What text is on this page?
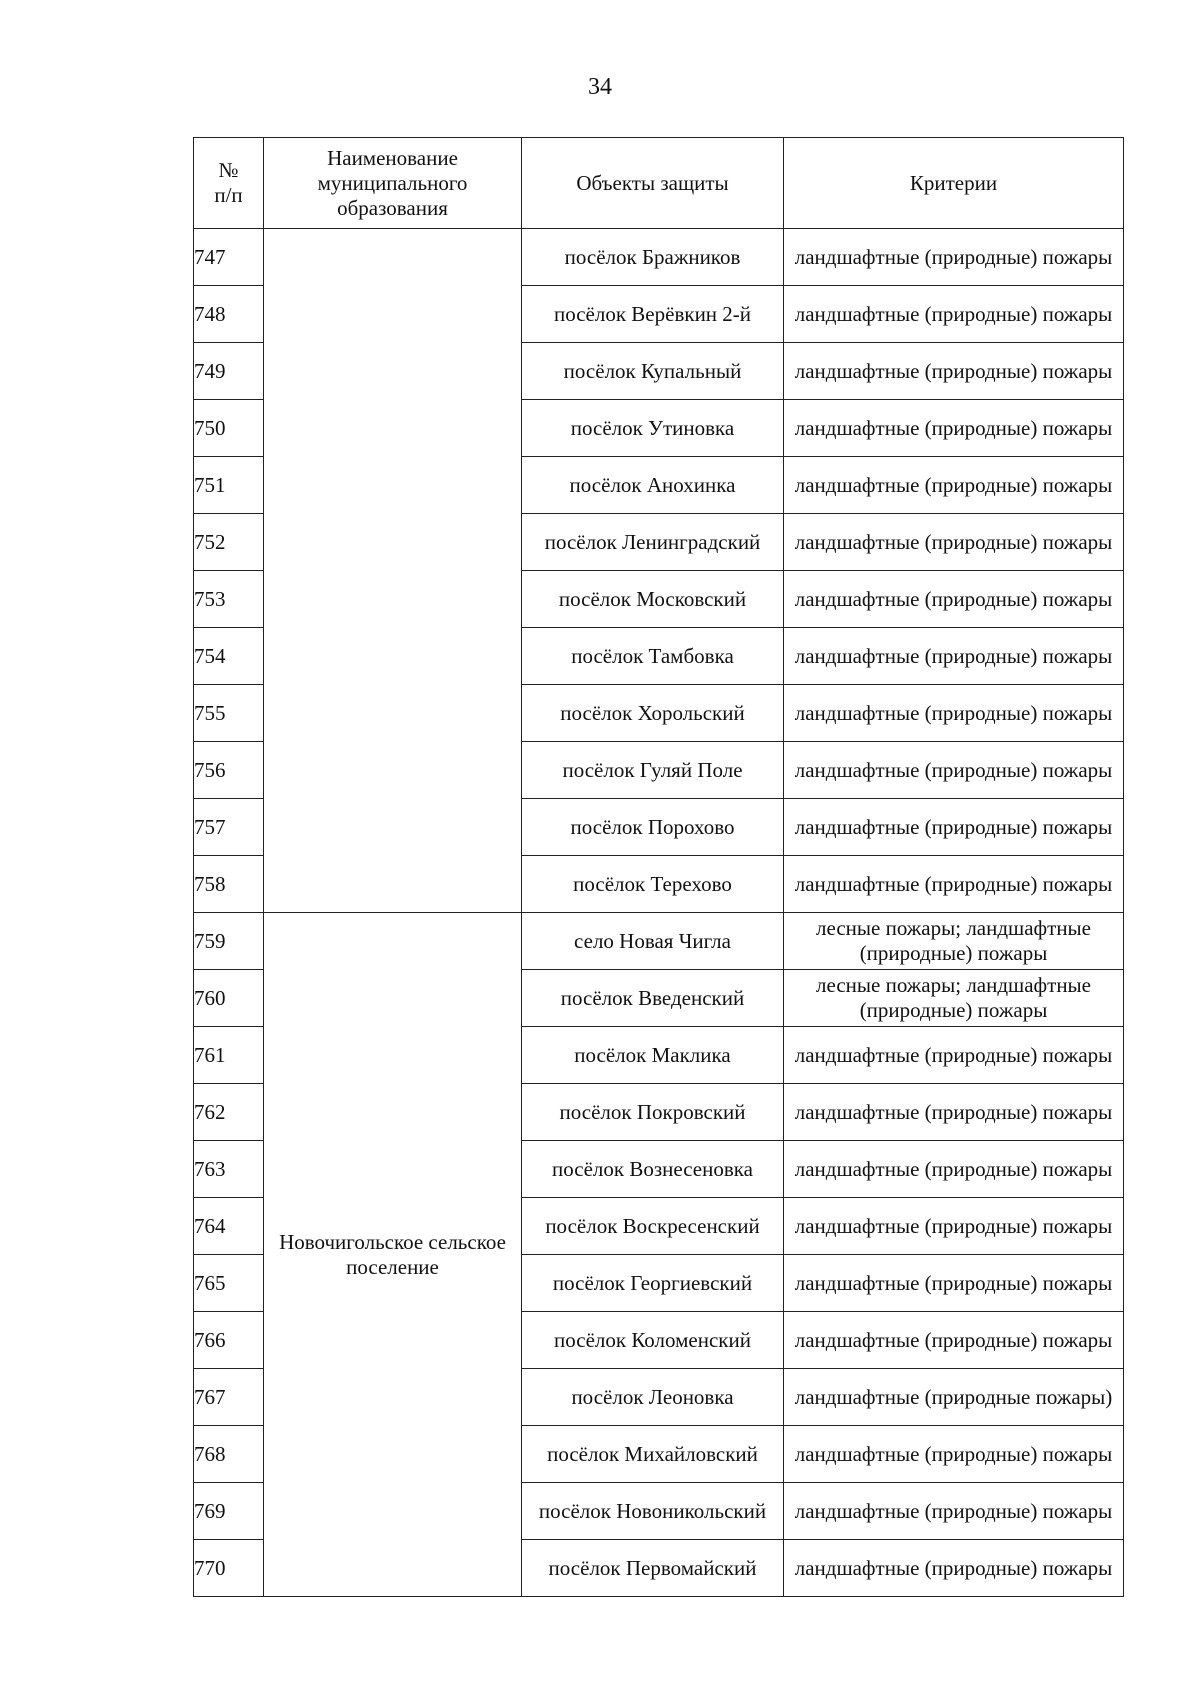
34
№
п/п	Наименование муниципального образования	Объекты защиты	Критерии
747		посёлок Бражников	ландшафтные (природные) пожары
748		посёлок Верёвкин 2-й	ландшафтные (природные) пожары
749		посёлок Купальный	ландшафтные (природные) пожары
750		посёлок Утиновка	ландшафтные (природные) пожары
751		посёлок Анохинка	ландшафтные (природные) пожары
752		посёлок Ленинградский	ландшафтные (природные) пожары
753		посёлок Московский	ландшафтные (природные) пожары
754		посёлок Тамбовка	ландшафтные (природные) пожары
755		посёлок Хорольский	ландшафтные (природные) пожары
756		посёлок Гуляй Поле	ландшафтные (природные) пожары
757		посёлок Порохово	ландшафтные (природные) пожары
758		посёлок Терехово	ландшафтные (природные) пожары
759	Новочигольское сельское поселение	село Новая Чигла	лесные пожары; ландшафтные (природные) пожары
760		посёлок Введенский	лесные пожары; ландшафтные (природные) пожары
761		посёлок Маклика	ландшафтные (природные) пожары
762		посёлок Покровский	ландшафтные (природные) пожары
763		посёлок Вознесеновка	ландшафтные (природные) пожары
764		посёлок Воскресенский	ландшафтные (природные) пожары
765		посёлок Георгиевский	ландшафтные (природные) пожары
766		посёлок Коломенский	ландшафтные (природные) пожары
767		посёлок Леоновка	ландшафтные (природные пожары)
768		посёлок Михайловский	ландшафтные (природные) пожары
769		посёлок Новоникольский	ландшафтные (природные) пожары
770		посёлок Первомайский	ландшафтные (природные) пожары
